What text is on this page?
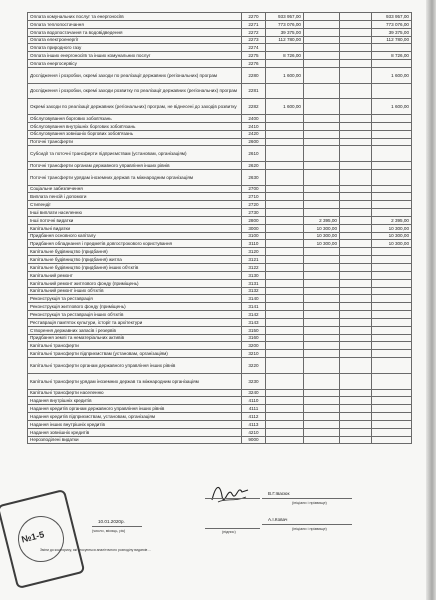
Оплата комунальних послуг та енергоносіїв	2270	933 957,00			933 957,00
Оплата теплопостачання	2271	773 076,00			773 076,00
Оплата водопостачання та водовідведення	2272	39 375,00			39 375,00
Оплата електроенергії	2273	112 780,00			112 780,00
Оплата природного газу	2274				
Оплата інших енергоносіїв та інших комунальних послуг	2275	8 726,00			8 726,00
Оплата енергосервісу	2276				
Дослідження і розробки, окремі заходи по реалізації державних (регіональних) програм	2280	1 600,00			1 600,00
Дослідження і розробки, окремі заходи розвитку по реалізації державних (регіональних) програм	2281				
Окремі заходи по реалізації державних (регіональних) програм, не віднесені до заходів розвитку	2282	1 600,00			1 600,00
Обслуговування боргових зобов'язань	2400				
Обслуговування внутрішніх боргових зобов'язань	2410				
Обслуговування зовнішніх боргових зобов'язань	2420				
Поточні трансферти	2600				
Субсидії та поточні трансферти підприємствам (установам, організаціям)	2610				
Поточні трансферти органам державного управління інших рівнів	2620				
Поточні трансферти урядам іноземних держав та міжнародним організаціям	2630				
Соціальне забезпечення	2700				
Виплата пенсій і допомоги	2710				
Стипендії	2720				
Інші виплати населенню	2730				
Інші поточні видатки	2800		2 395,00		2 395,00
Капітальні видатки	3000		10 300,00		10 300,00
Придбання основного капіталу	3100		10 300,00		10 300,00
Придбання обладнання і предметів довгострокового користування	3110		10 300,00		10 300,00
Капітальне будівництво (придбання)	3120				
Капітальне будівництво (придбання) житла	3121				
Капітальне будівництво (придбання) інших об'єктів	3122				
Капітальний ремонт	3130				
Капітальний ремонт житлового фонду (приміщень)	3131				
Капітальний ремонт інших об'єктів	3132				
Реконструкція та реставрація	3140				
Реконструкція житлового фонду (приміщень)	3141				
Реконструкція та реставрація інших об'єктів	3142				
Реставрація пам'яток культури, історії та архітектури	3143				
Створення державних запасів і резервів	3150				
Придбання землі та нематеріальних активів	3160				
Капітальні трансферти	3200				
Капітальні трансферти підприємствам (установам, організаціям)	3210				
Капітальні трансферти органам державного управління інших рівнів	3220				
Капітальні трансферти урядам іноземних держав та міжнародним організаціям	3230				
Капітальні трансферти населенню	3240				
Надання внутрішніх кредитів	4110				
Надання кредитів органам державного управління інших рівнів	4111				
Надання кредитів підприємствам, установам, організаціям	4112				
Надання інших внутрішніх кредитів	4113				
Надання зовнішніх кредитів	4210				
Нерозподілені видатки	9000				
В.Г.Івасюк
(ініціали і прізвище)
(підпис)
А.І.Ковач
(ініціали і прізвище)
10.01.2020р.
(число, місяць, рік)
№1-5
Зміни до кошторису, які стосуються аналітичного розподілу видатків ...
